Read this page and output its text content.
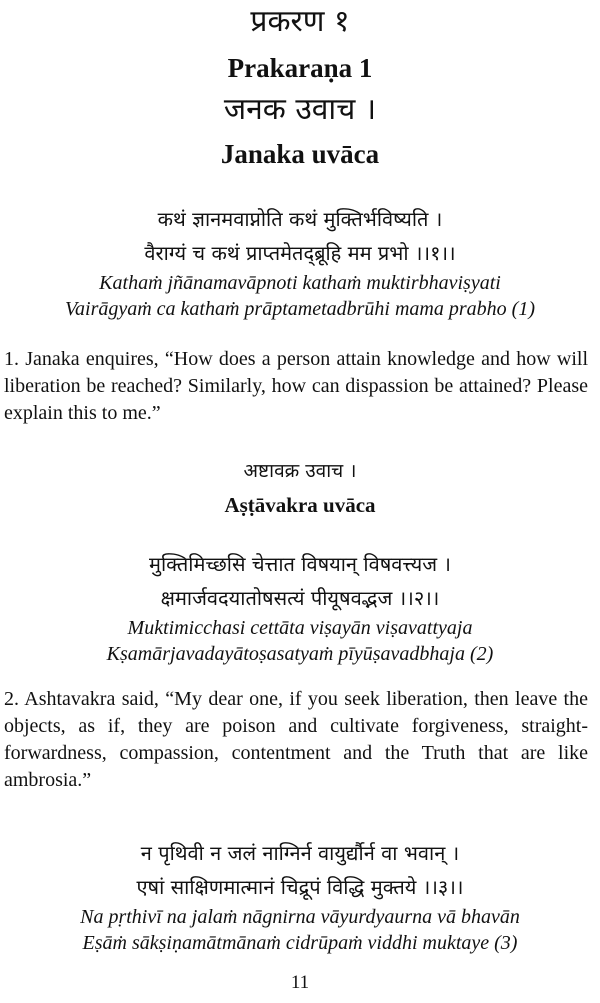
प्रकरण १

Prakaraṇa 1

जनक उवाच ।

Janaka uvāca

कथं ज्ञानमवाप्नोति कथं मुक्तिर्भविष्यति ।

वैराग्यं च कथं प्राप्तमेतद्ब्रूहि मम प्रभो ।।१।।

Kathaṁ jñānamavāpnoti kathaṁ muktirbhaviṣyati

Vairāgyaṁ ca kathaṁ prāptametadbrūhi mama prabho (1)

1. Janaka enquires, “How does a person attain knowledge and how will liberation be reached? Similarly, how can dispassion be attained? Please explain this to me.”

अष्टावक्र उवाच ।

Aṣṭāvakra uvāca

मुक्तिमिच्छसि चेत्तात विषयान् विषवत्त्यज ।

क्षमार्जवदयातोषसत्यं पीयूषवद्भज ।।२।।

Muktimicchasi cettāta viṣayān viṣavattyaja

Kṣamārjavadayātoṣasatyaṁ pīyūṣavadbhaja (2)

2. Ashtavakra said, “My dear one, if you seek liberation, then leave the objects, as if, they are poison and cultivate forgiveness, straight-forwardness, compassion, contentment and the Truth that are like ambrosia.”

न पृथिवी न जलं नाग्निर्न वायुर्द्यौर्न वा भवान् ।

एषां साक्षिणमात्मानं चिद्रूपं विद्धि मुक्तये ।।३।।

Na pṛthivī na jalaṁ nāgnirna vāyurdyaurna vā bhavān

Eṣāṁ sākṣiṇamātmānaṁ cidrūpaṁ viddhi muktaye (3)

11
